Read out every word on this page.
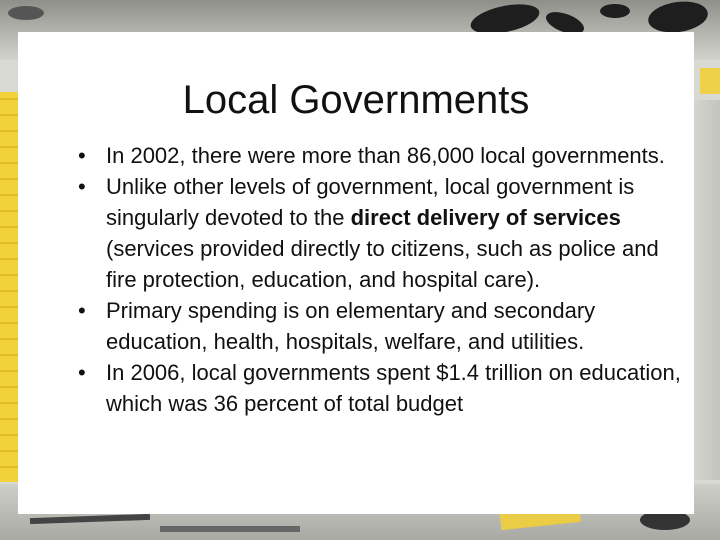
Local Governments
• In 2002, there were more than 86,000 local governments.
• Unlike other levels of government, local government is singularly devoted to the direct delivery of services (services provided directly to citizens, such as police and fire protection, education, and hospital care).
• Primary spending is on elementary and secondary education, health, hospitals, welfare, and utilities.
• In 2006, local governments spent $1.4 trillion on education, which was 36 percent of total budget
